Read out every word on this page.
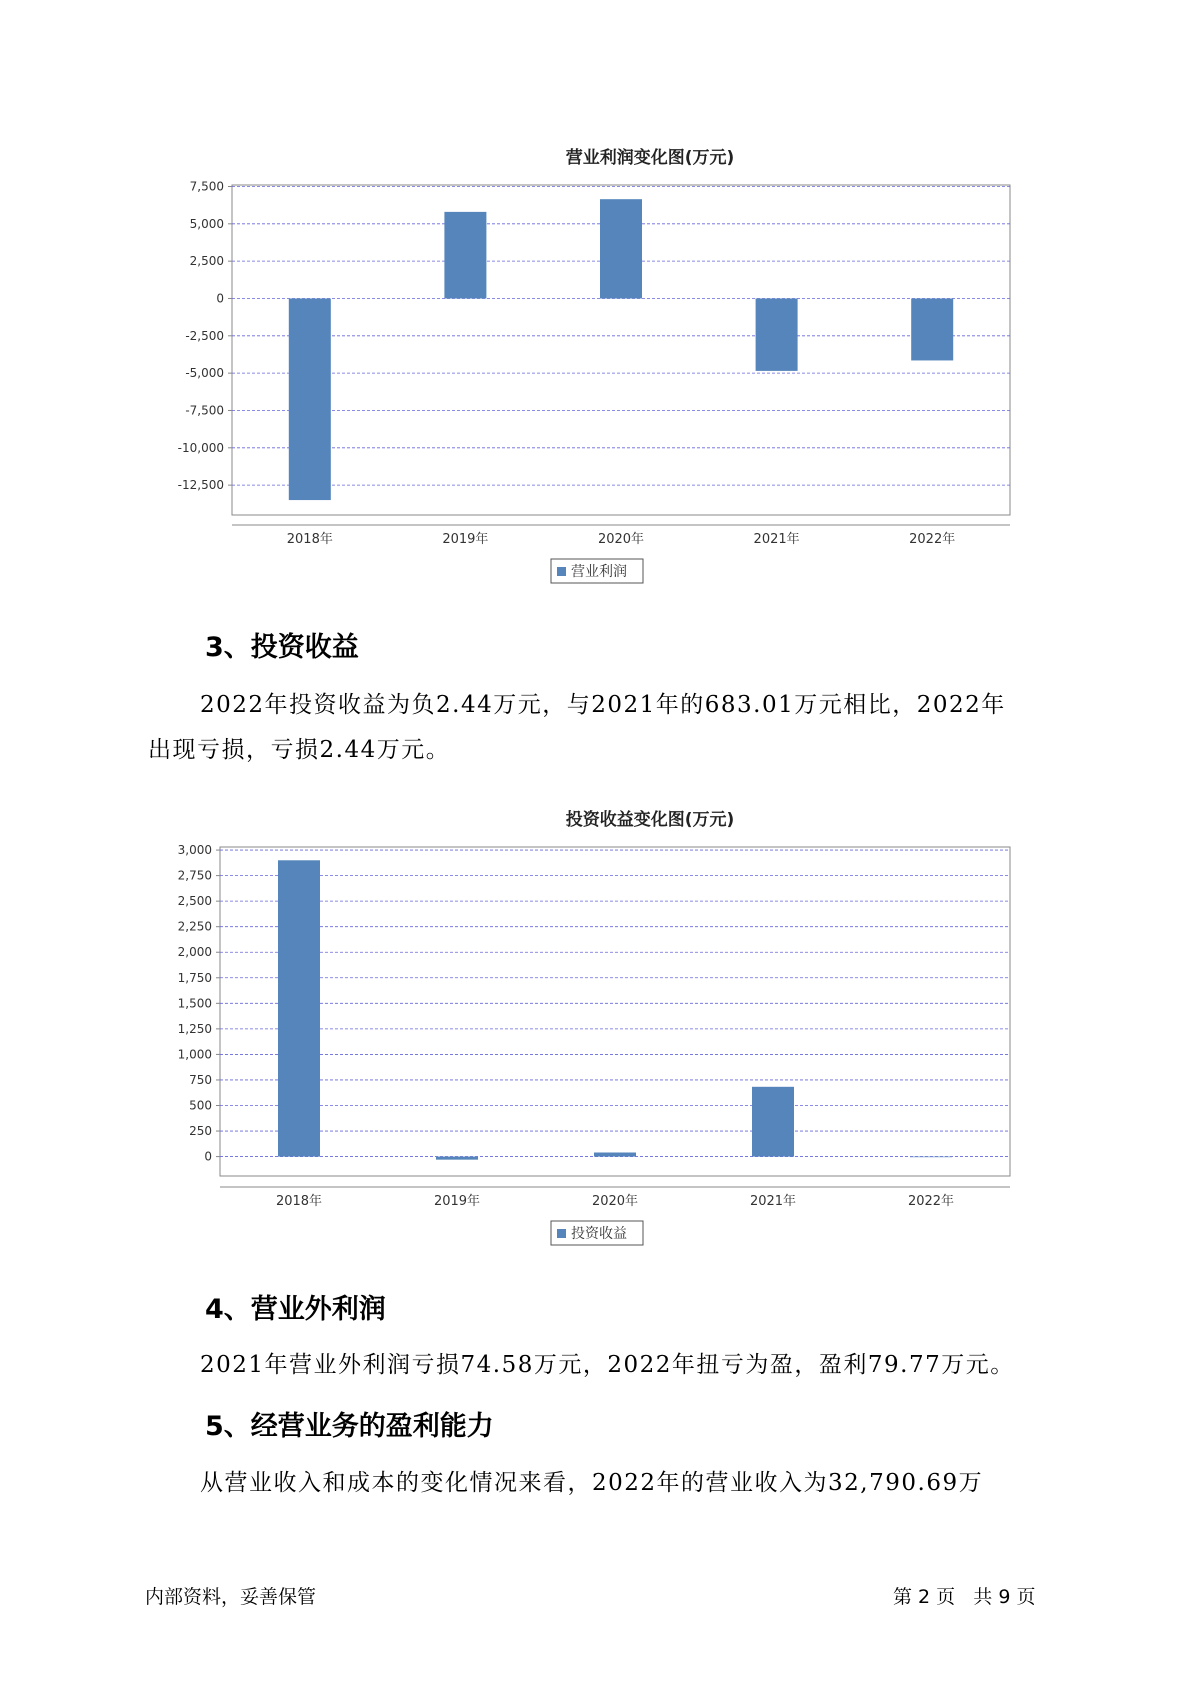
营业利润变化图(万元)
7,500
5,000
2,500
0
-2,500
-5,000
-7,500
-10,000
-12,500
2018年	2019年	2020年	2021年	2022年
营业利润
投资收益变化图(万元)
3,000
2,750
2,500
2,250
2,000
1,750
1,500
1,250
1,000
750
500
250
0
2018年	2019年	2020年	2021年	2022年
投资收益
3、投资收益

2022年投资收益为负2.44万元，与2021年的683.01万元相比，2022年

出现亏损，亏损2.44万元。

4、营业外利润

2021年营业外利润亏损74.58万元，2022年扭亏为盈，盈利79.77万元。

5、经营业务的盈利能力

从营业收入和成本的变化情况来看，2022年的营业收入为32,790.69万

内部资料，妥善保管	第 2 页   共 9 页
